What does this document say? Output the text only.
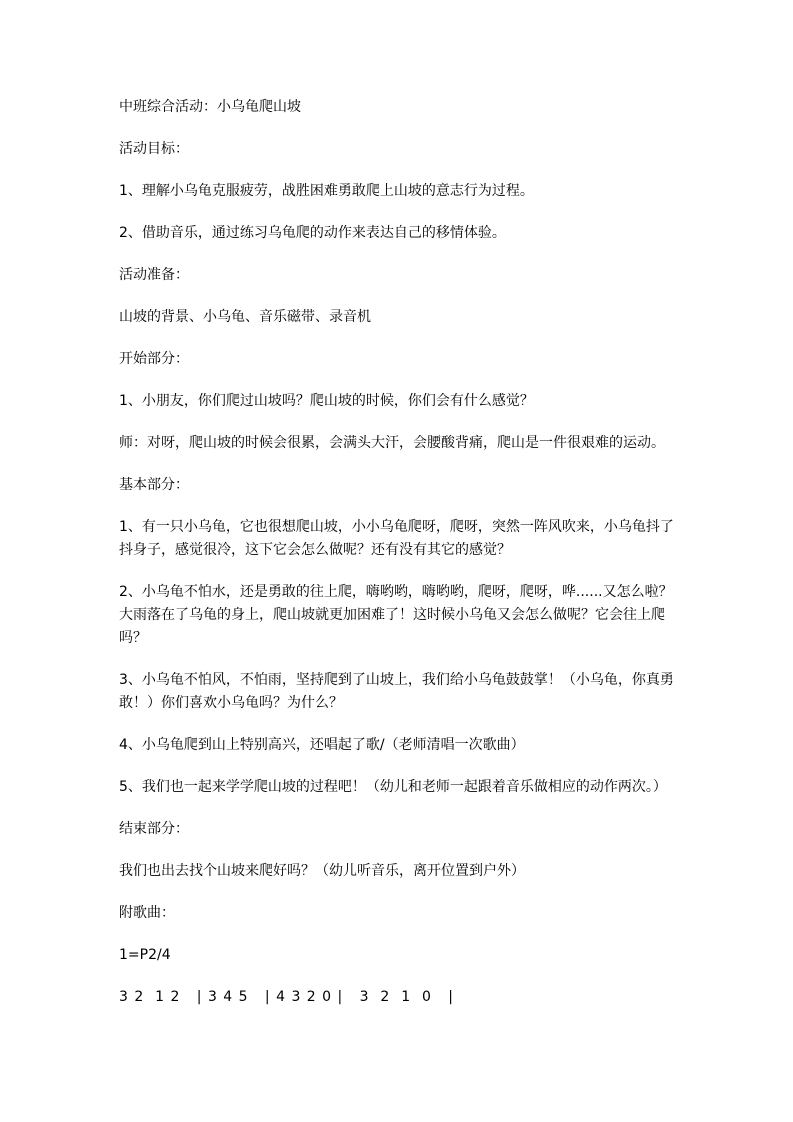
中班综合活动：小乌龟爬山坡

活动目标：

1、理解小乌龟克服疲劳，战胜困难勇敢爬上山坡的意志行为过程。

2、借助音乐，通过练习乌龟爬的动作来表达自己的移情体验。

活动准备：

山坡的背景、小乌龟、音乐磁带、录音机

开始部分：

1、小朋友，你们爬过山坡吗？爬山坡的时候，你们会有什么感觉？

师：对呀，爬山坡的时候会很累，会满头大汗，会腰酸背痛，爬山是一件很艰难的运动。

基本部分：

1、有一只小乌龟，它也很想爬山坡，小小乌龟爬呀，爬呀，突然一阵风吹来，小乌龟抖了抖身子，感觉很冷，这下它会怎么做呢？还有没有其它的感觉？

2、小乌龟不怕水，还是勇敢的往上爬，嗨哟哟，嗨哟哟，爬呀，爬呀，哗......又怎么啦？大雨落在了乌龟的身上，爬山坡就更加困难了！这时候小乌龟又会怎么做呢？它会往上爬吗？

3、小乌龟不怕风，不怕雨，坚持爬到了山坡上，我们给小乌龟鼓鼓掌！（小乌龟，你真勇敢！）你们喜欢小乌龟吗？为什么？

4、小乌龟爬到山上特别高兴，还唱起了歌/（老师清唱一次歌曲）

5、我们也一起来学学爬山坡的过程吧！（幼儿和老师一起跟着音乐做相应的动作两次。）

结束部分：

我们也出去找个山坡来爬好吗？（幼儿听音乐，离开位置到户外）

附歌曲：

1=P2/4

3 2  1 2   | 3 4 5   | 4 3 2 0 |   3  2  1  0   |
